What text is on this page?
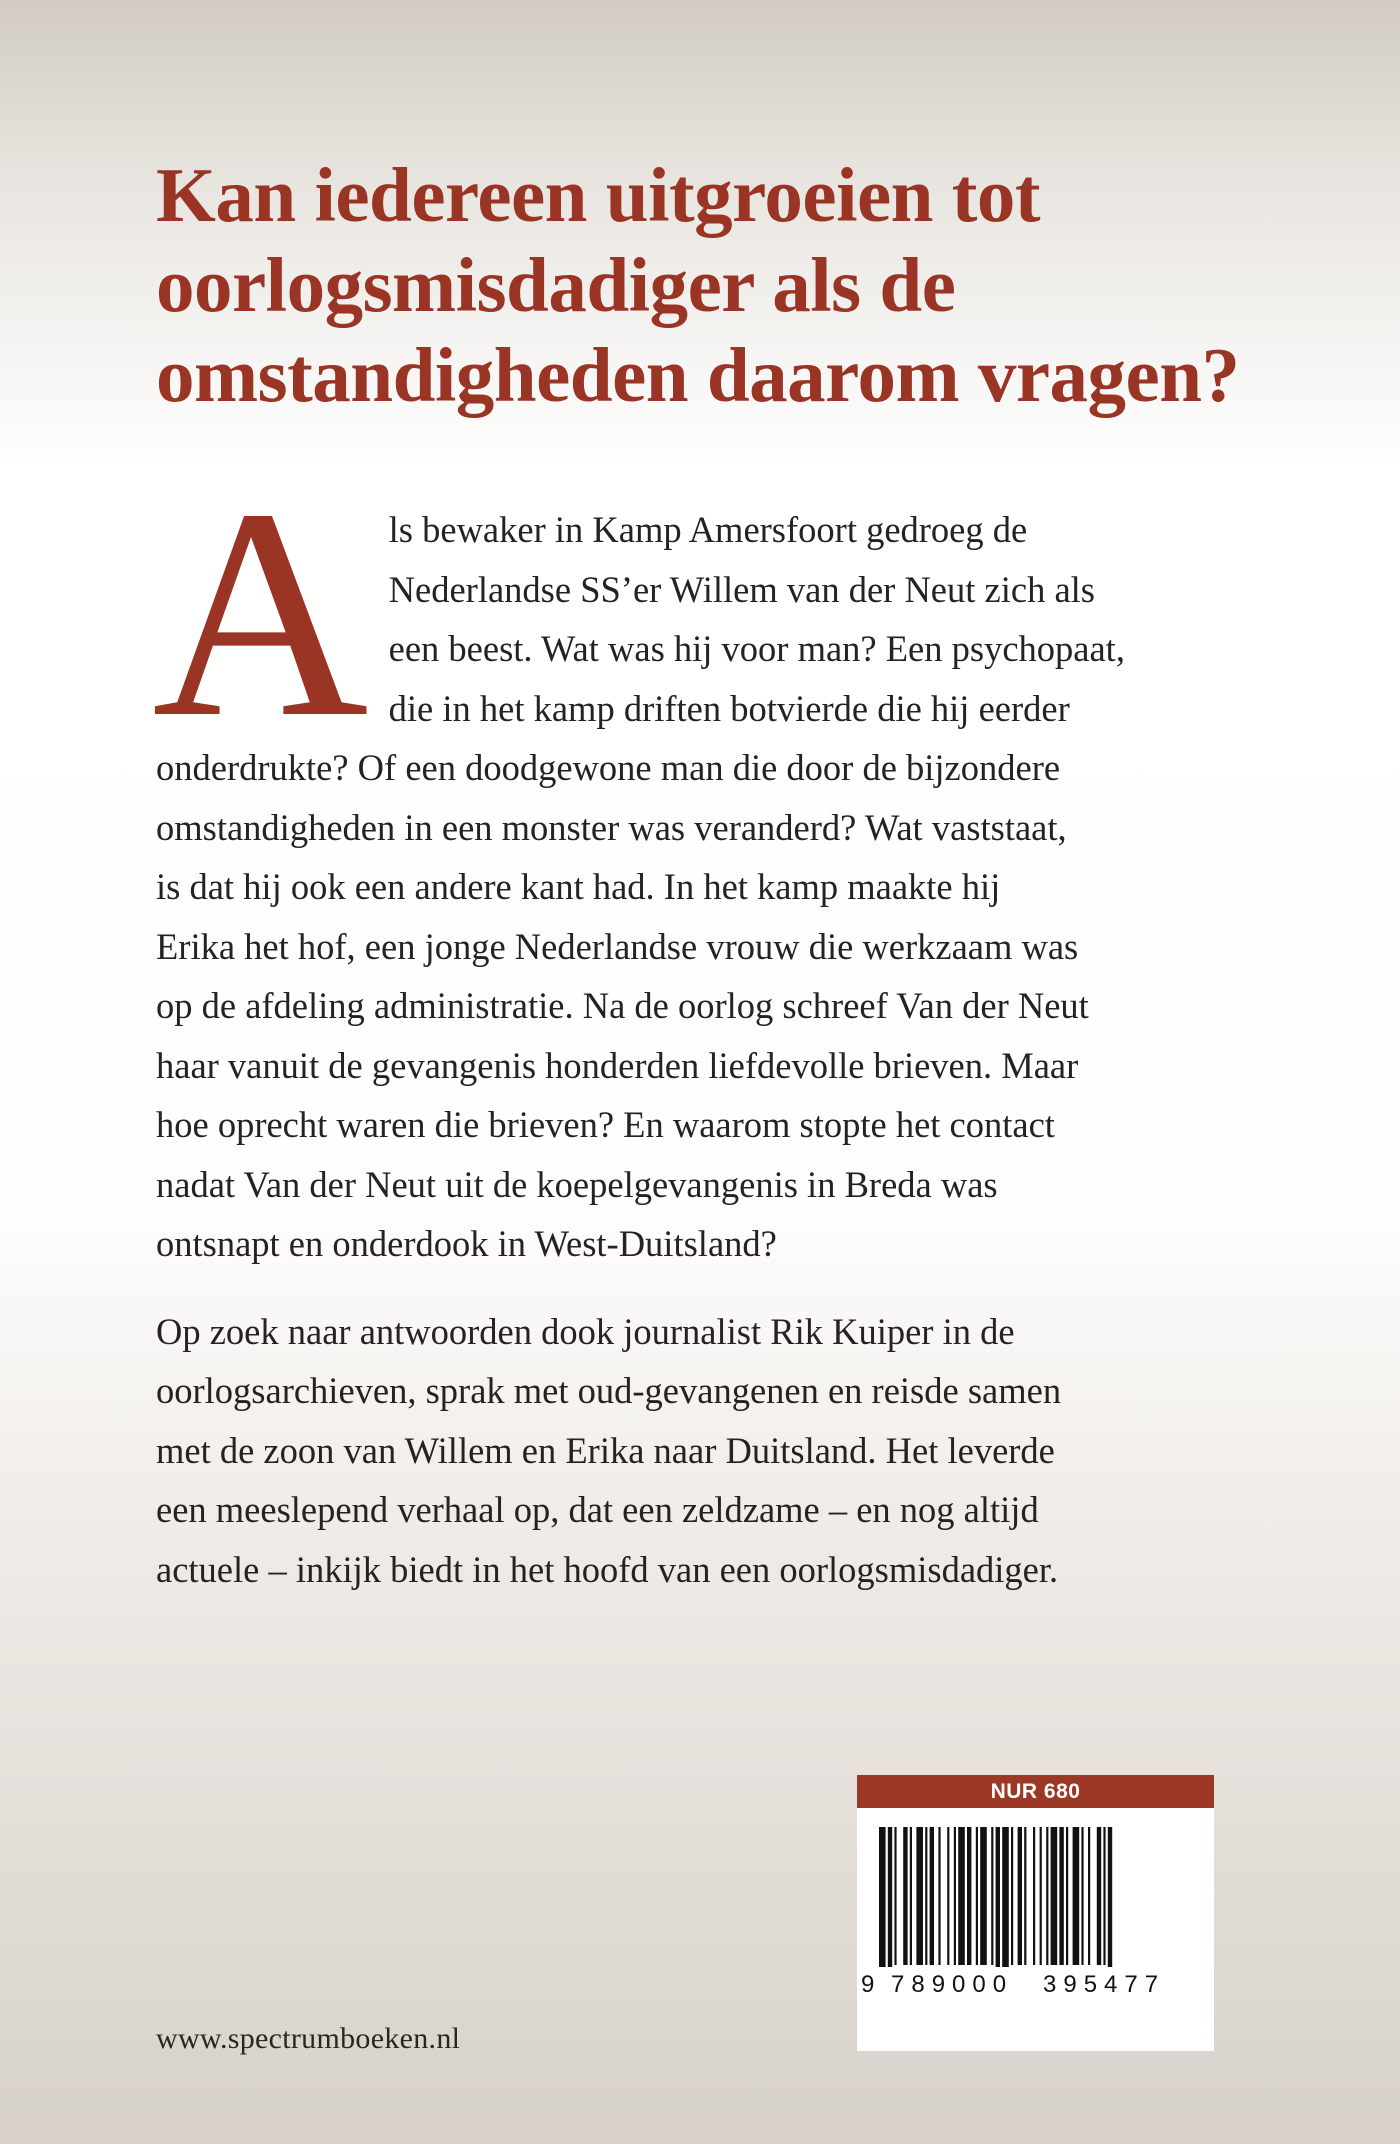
Kan iedereen uitgroeien tot
oorlogsmisdadiger als de
omstandigheden daarom vragen?

A ls bewaker in Kamp Amersfoort gedroeg de
Nederlandse SS’er Willem van der Neut zich als
een beest. Wat was hij voor man? Een psychopaat,
die in het kamp driften botvierde die hij eerder
onderdrukte? Of een doodgewone man die door de bijzondere
omstandigheden in een monster was veranderd? Wat vaststaat,
is dat hij ook een andere kant had. In het kamp maakte hij
Erika het hof, een jonge Nederlandse vrouw die werkzaam was
op de afdeling administratie. Na de oorlog schreef Van der Neut
haar vanuit de gevangenis honderden liefdevolle brieven. Maar
hoe oprecht waren die brieven? En waarom stopte het contact
nadat Van der Neut uit de koepelgevangenis in Breda was
ontsnapt en onderdook in West-Duitsland?

Op zoek naar antwoorden dook journalist Rik Kuiper in de
oorlogsarchieven, sprak met oud-gevangenen en reisde samen
met de zoon van Willem en Erika naar Duitsland. Het leverde
een meeslepend verhaal op, dat een zeldzame – en nog altijd
actuele – inkijk biedt in het hoofd van een oorlogsmisdadiger.

www.spectrumboeken.nl
NUR 680
9 789000 395477
